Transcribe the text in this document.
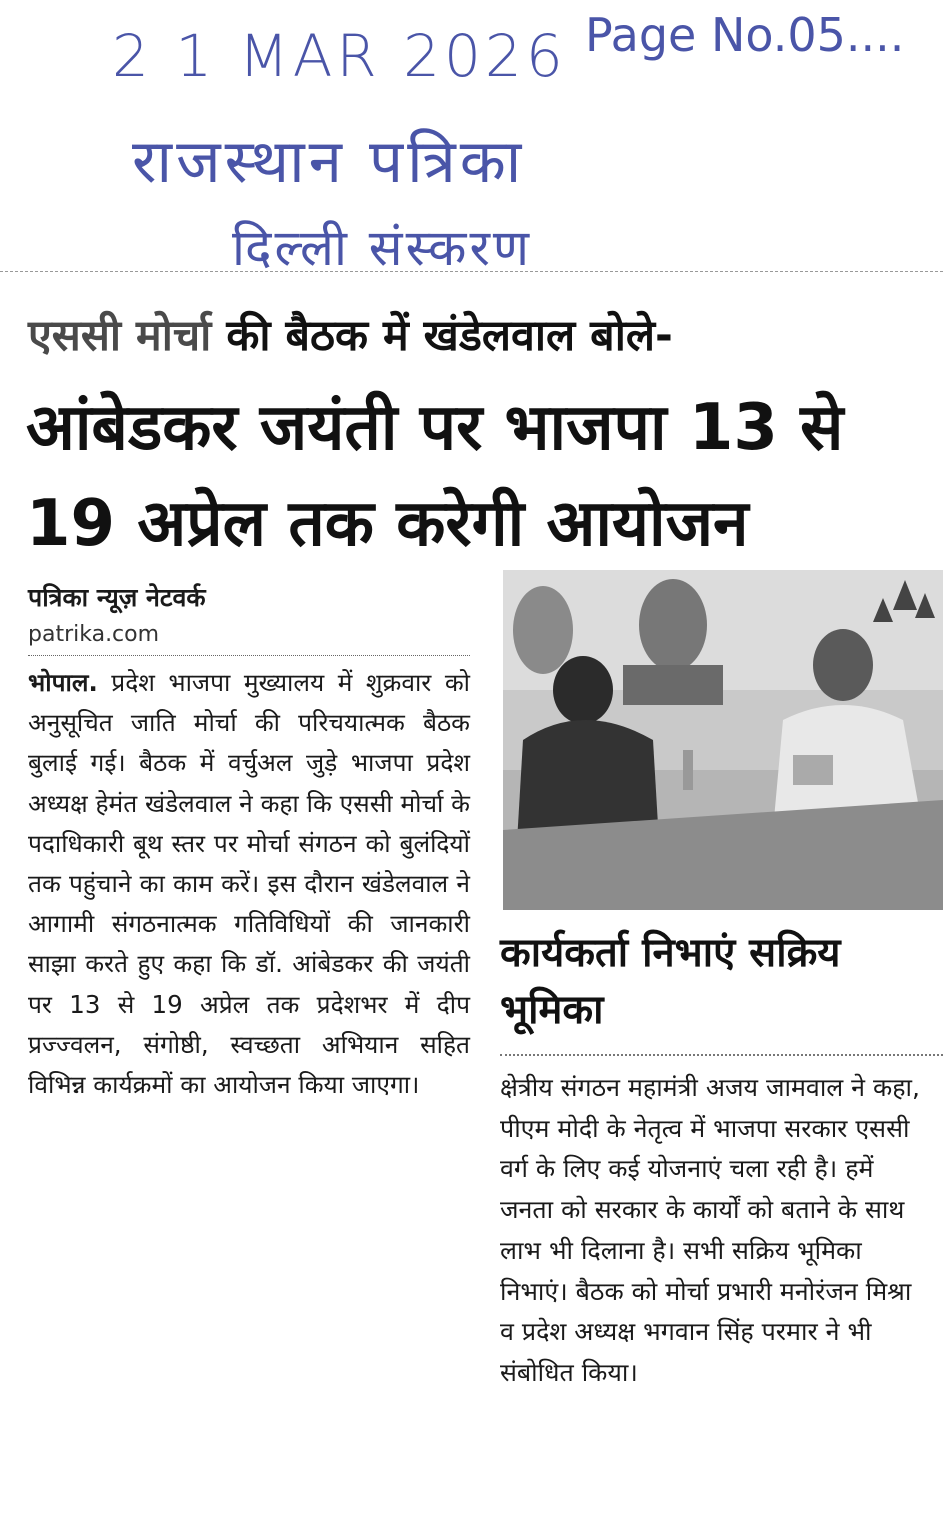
2 1 MAR 2026 Page No.05....
राजस्थान पत्रिका
दिल्ली संस्करण
एससी मोर्चा की बैठक में खंडेलवाल बोले-
आंबेडकर जयंती पर भाजपा 13 से 19 अप्रेल तक करेगी आयोजन
पत्रिका न्यूज़ नेटवर्क
patrika.com
भोपाल. प्रदेश भाजपा मुख्यालय में शुक्रवार को अनुसूचित जाति मोर्चा की परिचयात्मक बैठक बुलाई गई। बैठक में वर्चुअल जुड़े भाजपा प्रदेश अध्यक्ष हेमंत खंडेलवाल ने कहा कि एससी मोर्चा के पदाधिकारी बूथ स्तर पर मोर्चा संगठन को बुलंदियों तक पहुंचाने का काम करें। इस दौरान खंडेलवाल ने आगामी संगठनात्मक गतिविधियों की जानकारी साझा करते हुए कहा कि डॉ. आंबेडकर की जयंती पर 13 से 19 अप्रेल तक प्रदेशभर में दीप प्रज्ज्वलन, संगोष्ठी, स्वच्छता अभियान सहित विभिन्न कार्यक्रमों का आयोजन किया जाएगा।
कार्यकर्ता निभाएं सक्रिय भूमिका
क्षेत्रीय संगठन महामंत्री अजय जामवाल ने कहा, पीएम मोदी के नेतृत्व में भाजपा सरकार एससी वर्ग के लिए कई योजनाएं चला रही है। हमें जनता को सरकार के कार्यों को बताने के साथ लाभ भी दिलाना है। सभी सक्रिय भूमिका निभाएं। बैठक को मोर्चा प्रभारी मनोरंजन मिश्रा व प्रदेश अध्यक्ष भगवान सिंह परमार ने भी संबोधित किया।
